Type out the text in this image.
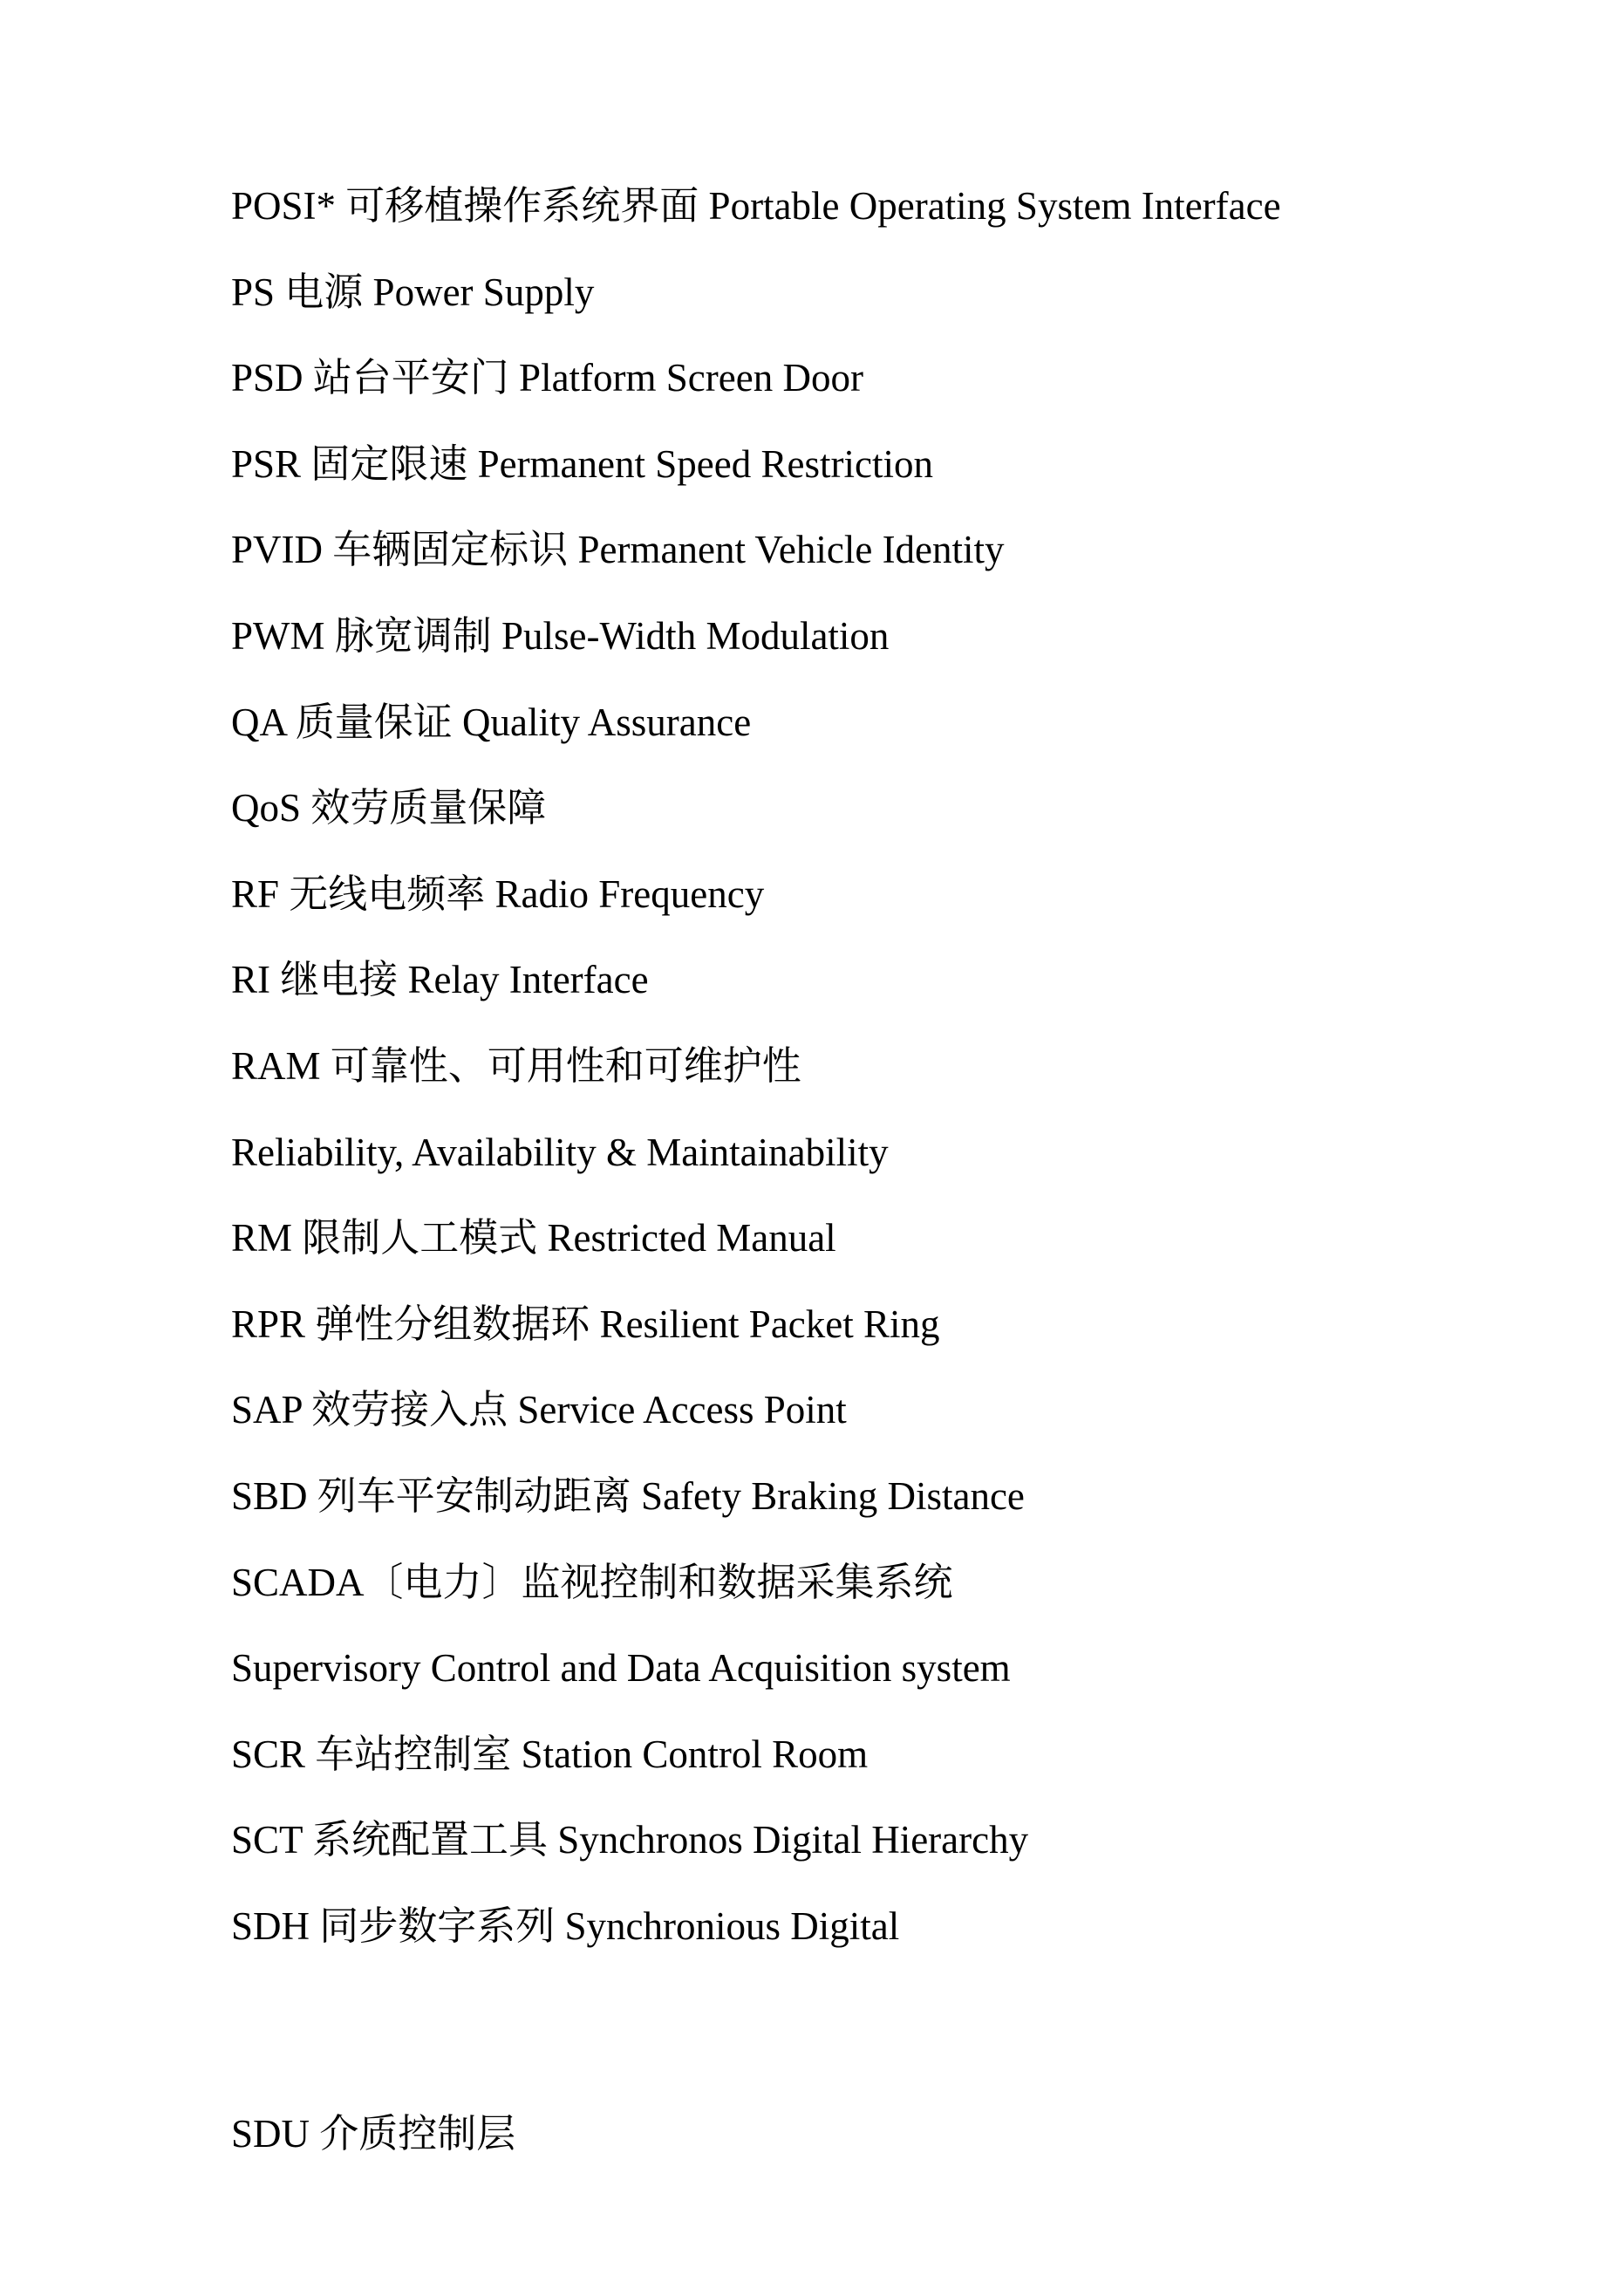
POSI* 可移植操作系统界面 Portable Operating System Interface
PS 电源 Power Supply
PSD 站台平安门 Platform Screen Door
PSR 固定限速 Permanent Speed Restriction
PVID 车辆固定标识 Permanent Vehicle Identity
PWM 脉宽调制 Pulse-Width Modulation
QA 质量保证 Quality Assurance
QoS 效劳质量保障
RF 无线电频率 Radio Frequency
RI 继电接 Relay Interface
RAM 可靠性、可用性和可维护性
Reliability, Availability & Maintainability
RM 限制人工模式 Restricted Manual
RPR 弹性分组数据环 Resilient Packet Ring
SAP 效劳接入点 Service Access Point
SBD 列车平安制动距离 Safety Braking Distance
SCADA〔电力〕监视控制和数据采集系统
Supervisory Control and Data Acquisition system
SCR 车站控制室 Station Control Room
SCT 系统配置工具 Synchronos Digital Hierarchy
SDH 同步数字系列 Synchronious Digital
SDU 介质控制层
